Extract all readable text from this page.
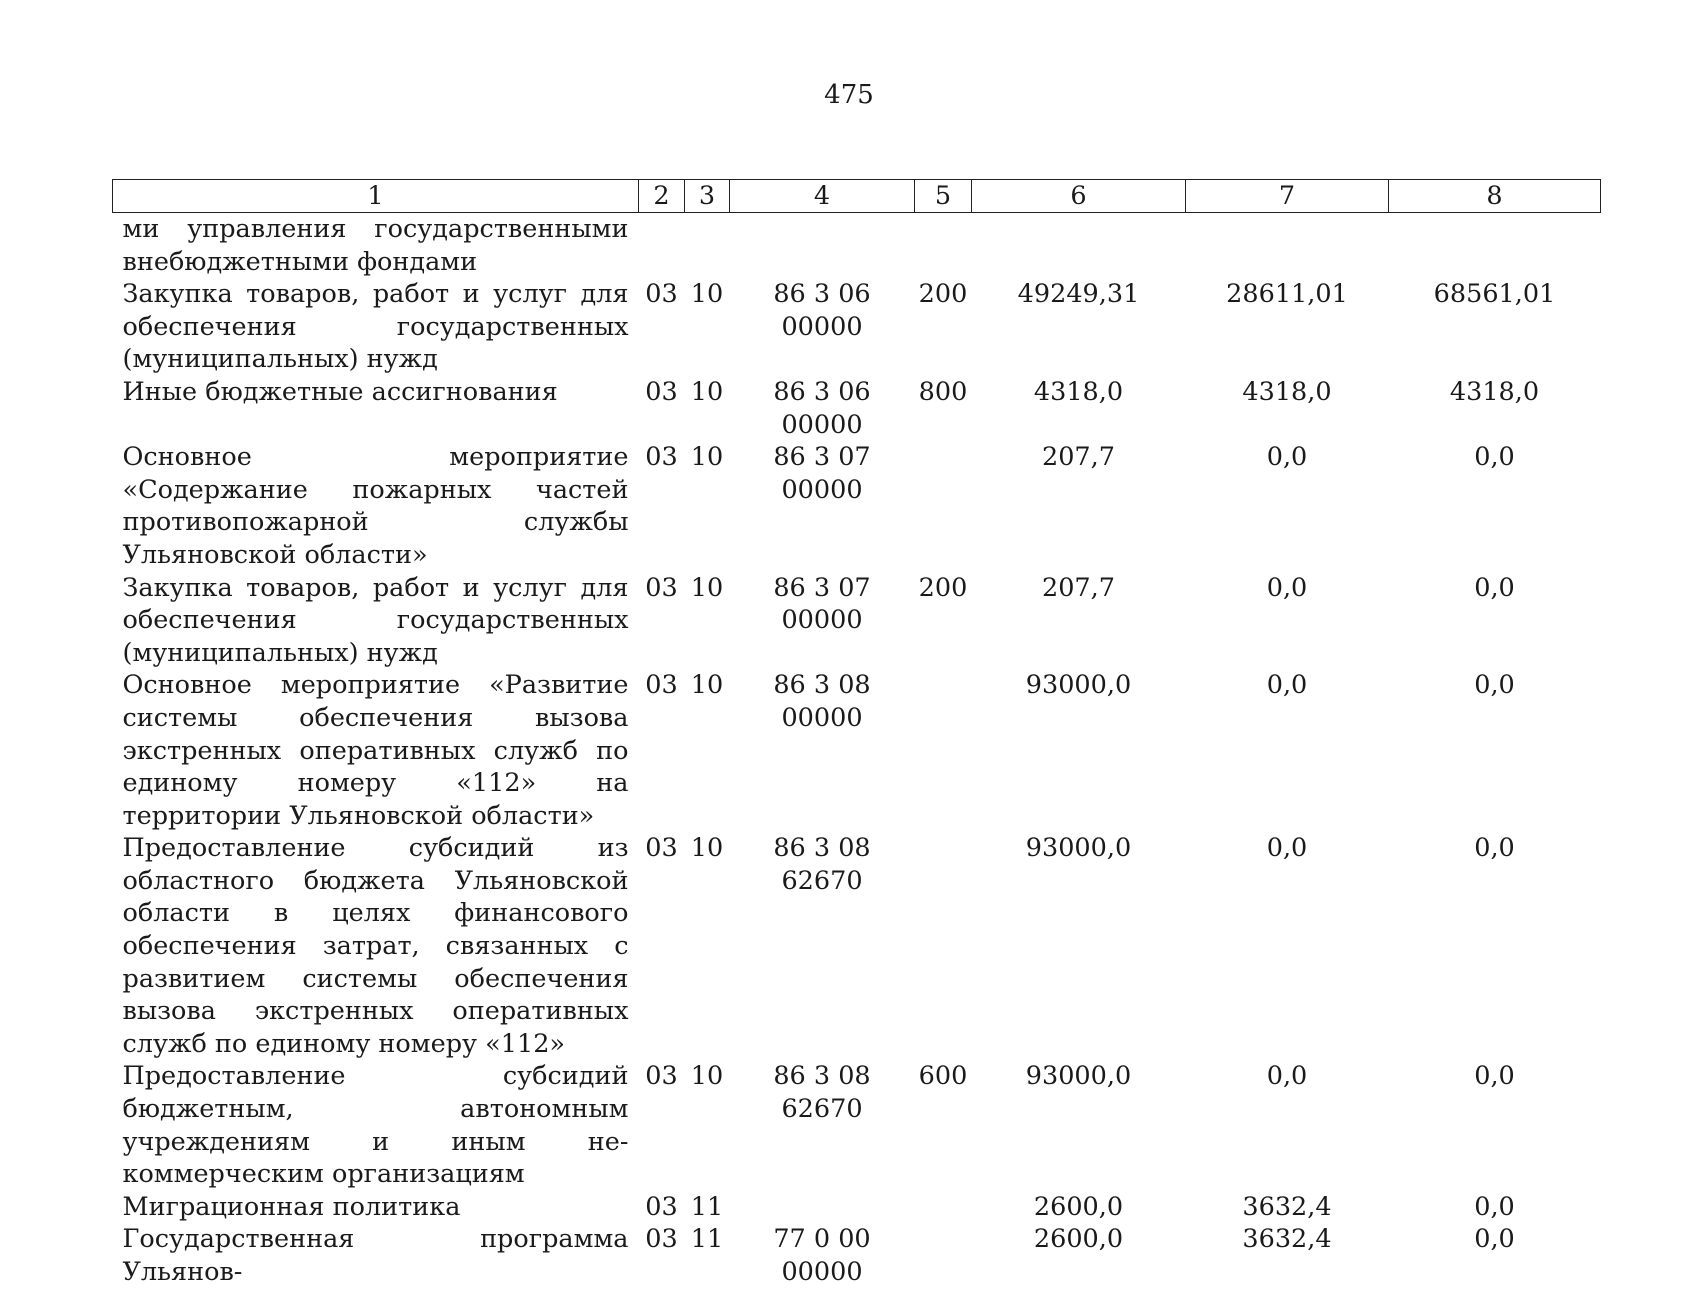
475
1	2	3	4	5	6	7	8
ми управления государственными внебюджетными фондами							
Закупка товаров, работ и услуг для обеспечения государственных (муниципальных) нужд	03	10	86 3 06 00000	200	49249,31	28611,01	68561,01
Иные бюджетные ассигнования	03	10	86 3 06 00000	800	4318,0	4318,0	4318,0
Основное мероприятие «Содержание пожарных частей противопожарной службы Ульяновской области»	03	10	86 3 07 00000		207,7	0,0	0,0
Закупка товаров, работ и услуг для обеспечения государственных (муниципальных) нужд	03	10	86 3 07 00000	200	207,7	0,0	0,0
Основное мероприятие «Развитие системы обеспечения вызова экстренных оперативных служб по единому номеру «112» на территории Ульяновской области»	03	10	86 3 08 00000		93000,0	0,0	0,0
Предоставление субсидий из областного бюджета Ульяновской области в целях финансового обеспечения затрат, связанных с развитием системы обеспечения вызова экстренных оперативных служб по единому номеру «112»	03	10	86 3 08 62670		93000,0	0,0	0,0
Предоставление субсидий бюджетным, автономным учреждениям и иным некоммерческим организациям	03	10	86 3 08 62670	600	93000,0	0,0	0,0
Миграционная политика	03	11			2600,0	3632,4	0,0
Государственная программа Ульянов-	03	11	77 0 00 00000		2600,0	3632,4	0,0
